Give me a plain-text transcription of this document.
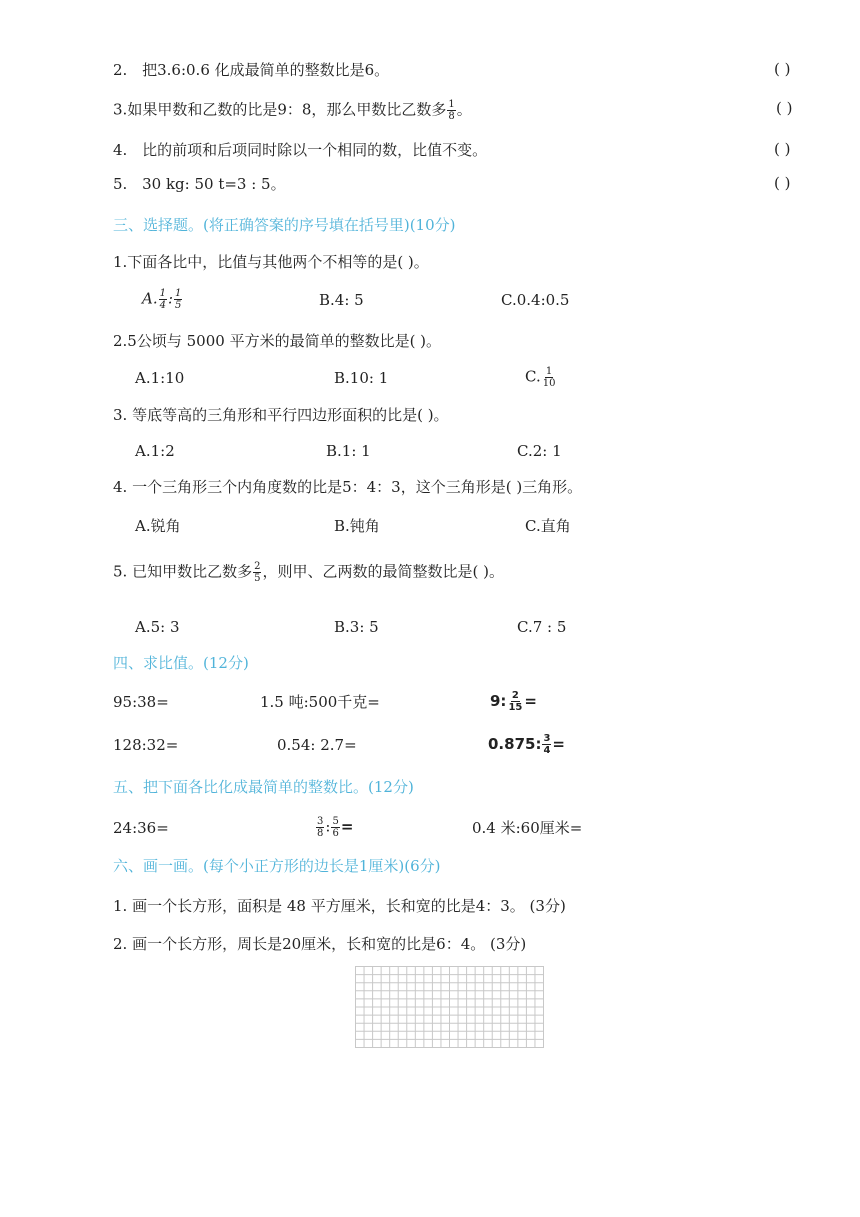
2. 把3.6:0.6 化成最简单的整数比是6。	( )
3.如果甲数和乙数的比是9：8，那么甲数比乙数多 $\frac{1}{8}$ 。	( )
4. 比的前项和后项同时除以一个相同的数，比值不变。	( )
5. 30 kg: 50 t=3 : 5。	( )
三、选择题。(将正确答案的序号填在括号里)(10分)
1.下面各比中，比值与其他两个不相等的是( )。
A. $\frac{1}{4}$ : $\frac{1}{5}$	B.4: 5	C.0.4:0.5
2.5公顷与 5000 平方米的最简单的整数比是( )。
A.1:10	B.10: 1	C. $\frac{1}{10}$
3. 等底等高的三角形和平行四边形面积的比是( )。
A.1:2	B.1: 1	C.2: 1
4. 一个三角形三个内角度数的比是5：4：3，这个三角形是( )三角形。
A.锐角	B.钝角	C.直角
5. 已知甲数比乙数多 $\frac{2}{5}$ ，则甲、乙两数的最简整数比是( )。
A.5: 3	B.3: 5	C.7 : 5
四、求比值。(12分)
95:38=	1.5 吨:500千克=	9: $\frac{2}{15}$ =
128:32=	0.54: 2.7=	0.875: $\frac{3}{4}$ =
五、把下面各比化成最简单的整数比。(12分)
24:36=	$\frac{3}{8}$ : $\frac{5}{6}$ =	0.4 米:60厘米=
六、画一画。(每个小正方形的边长是1厘米)(6分)
1. 画一个长方形，面积是 48 平方厘米，长和宽的比是4：3。 (3分)
2. 画一个长方形，周长是20厘米，长和宽的比是6：4。 (3分)
